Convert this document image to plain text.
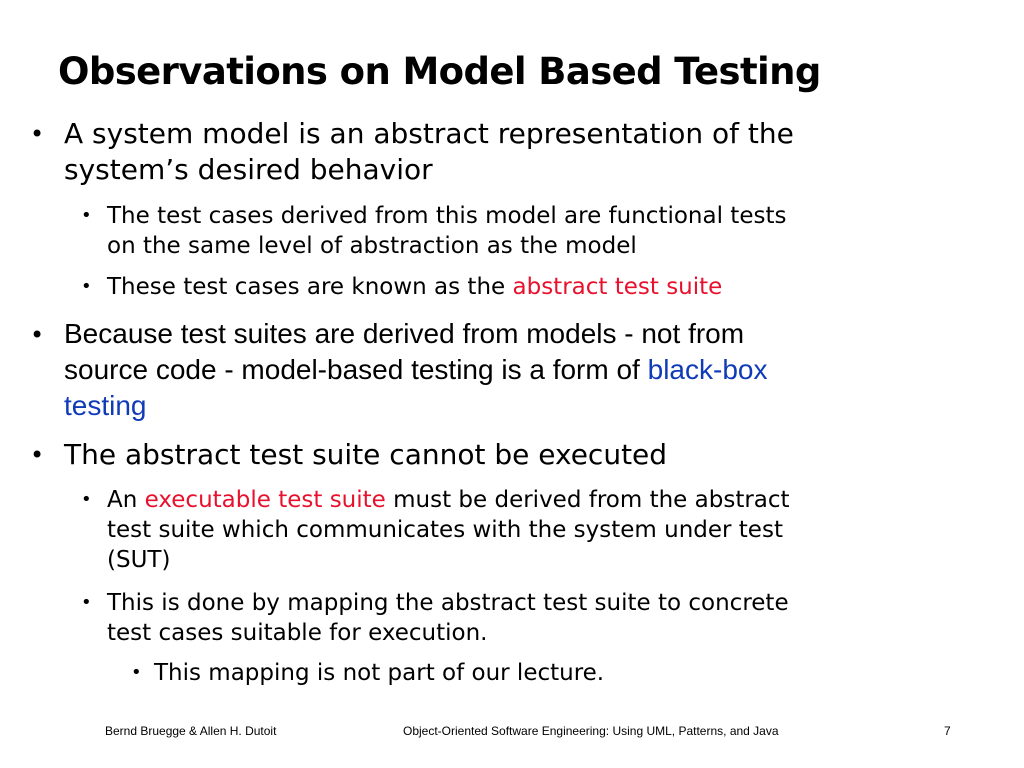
Observations on Model Based Testing
• A system model is an abstract representation of the
system’s desired behavior
• The test cases derived from this model are functional tests
on the same level of abstraction as the model
• These test cases are known as the abstract test suite
• Because test suites are derived from models - not from
source code - model-based testing is a form of black-box
testing
• The abstract test suite cannot be executed
• An executable test suite must be derived from the abstract
test suite which communicates with the system under test
(SUT)
• This is done by mapping the abstract test suite to concrete
test cases suitable for execution.
• This mapping is not part of our lecture.
Bernd Bruegge & Allen H. Dutoit	Object-Oriented Software Engineering: Using UML, Patterns, and Java	7
